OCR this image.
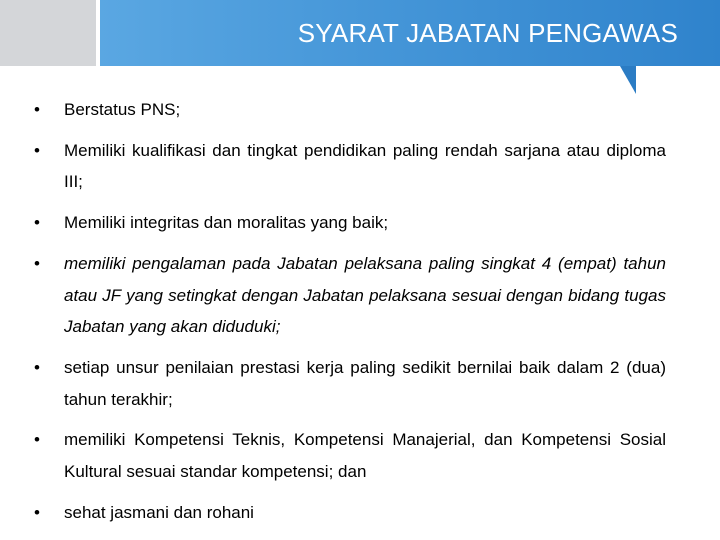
SYARAT JABATAN PENGAWAS
•	Berstatus PNS;
•	Memiliki kualifikasi dan tingkat pendidikan paling rendah sarjana atau diploma III;
•	Memiliki integritas dan moralitas yang baik;
•	memiliki pengalaman pada Jabatan pelaksana paling singkat 4 (empat) tahun atau JF yang setingkat dengan Jabatan pelaksana sesuai dengan bidang tugas Jabatan yang akan diduduki;
•	setiap unsur penilaian prestasi kerja paling sedikit bernilai baik dalam 2 (dua) tahun terakhir;
•	memiliki Kompetensi Teknis, Kompetensi Manajerial, dan Kompetensi Sosial Kultural sesuai standar kompetensi; dan
•	sehat jasmani dan rohani
